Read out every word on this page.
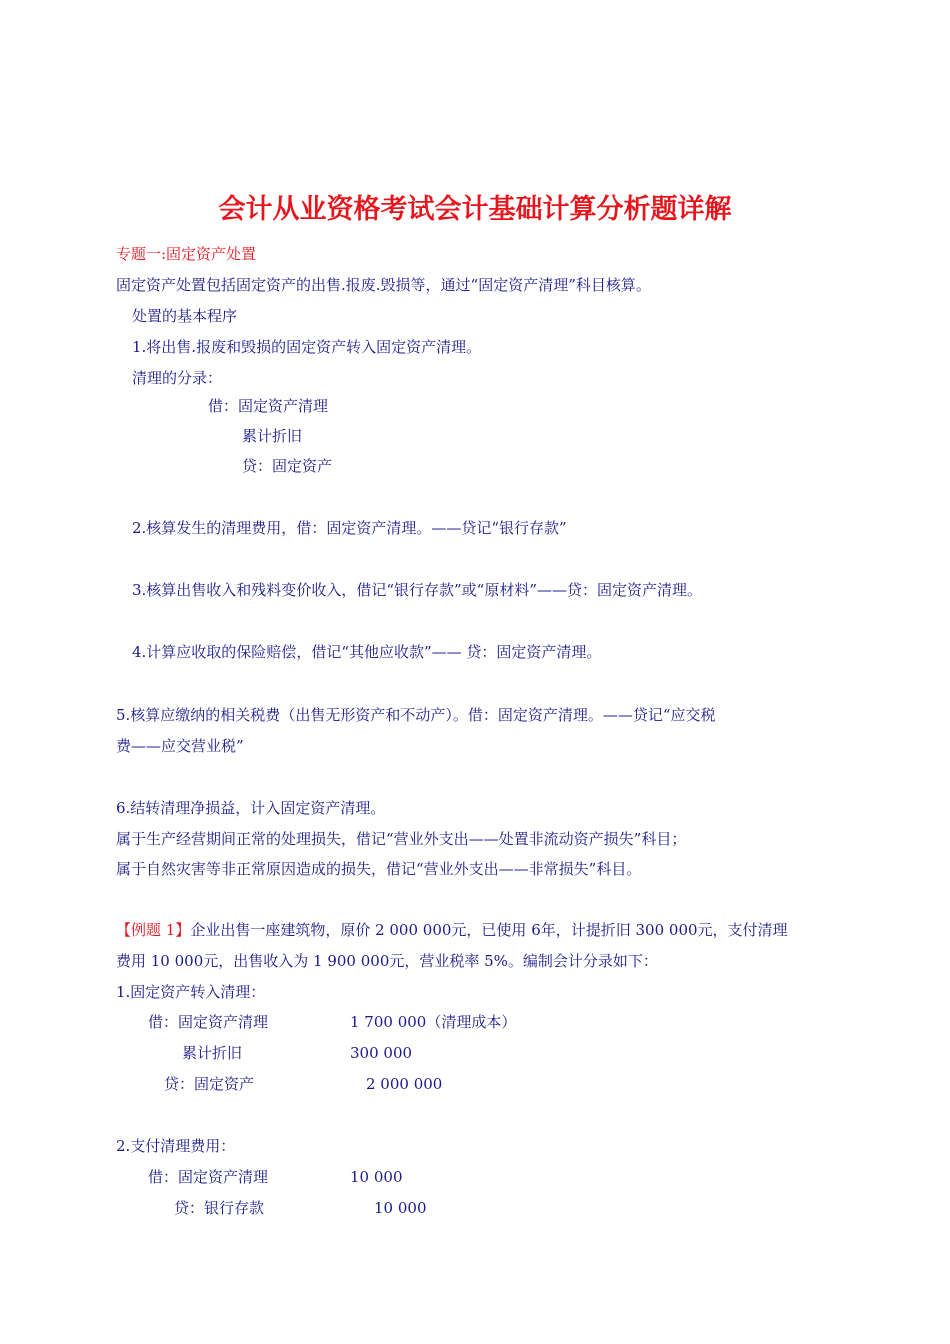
会计从业资格考试会计基础计算分析题详解
专题一:固定资产处置
固定资产处置包括固定资产的出售.报废.毁损等，通过“固定资产清理”科目核算。
处置的基本程序
1.将出售.报废和毁损的固定资产转入固定资产清理。
清理的分录：
借：固定资产清理
累计折旧
贷：固定资产
2.核算发生的清理费用，借：固定资产清理。——贷记“银行存款”
3.核算出售收入和残料变价收入，借记“银行存款”或“原材料”——贷：固定资产清理。
4.计算应收取的保险赔偿，借记“其他应收款”—— 贷：固定资产清理。
5.核算应缴纳的相关税费（出售无形资产和不动产）。借：固定资产清理。——贷记“应交税
费——应交营业税”
6.结转清理净损益，计入固定资产清理。
属于生产经营期间正常的处理损失，借记“营业外支出——处置非流动资产损失”科目；
属于自然灾害等非正常原因造成的损失，借记“营业外支出——非常损失”科目。
【例题 1】企业出售一座建筑物，原价 2 000 000元，已使用 6年，计提折旧 300 000元，支付清理
费用 10 000元，出售收入为 1 900 000元，营业税率 5%。编制会计分录如下：
1.固定资产转入清理：
借：固定资产清理	1 700 000（清理成本）
累计折旧	300 000
贷：固定资产	2 000 000
2.支付清理费用：
借：固定资产清理	10 000
贷：银行存款	10 000
